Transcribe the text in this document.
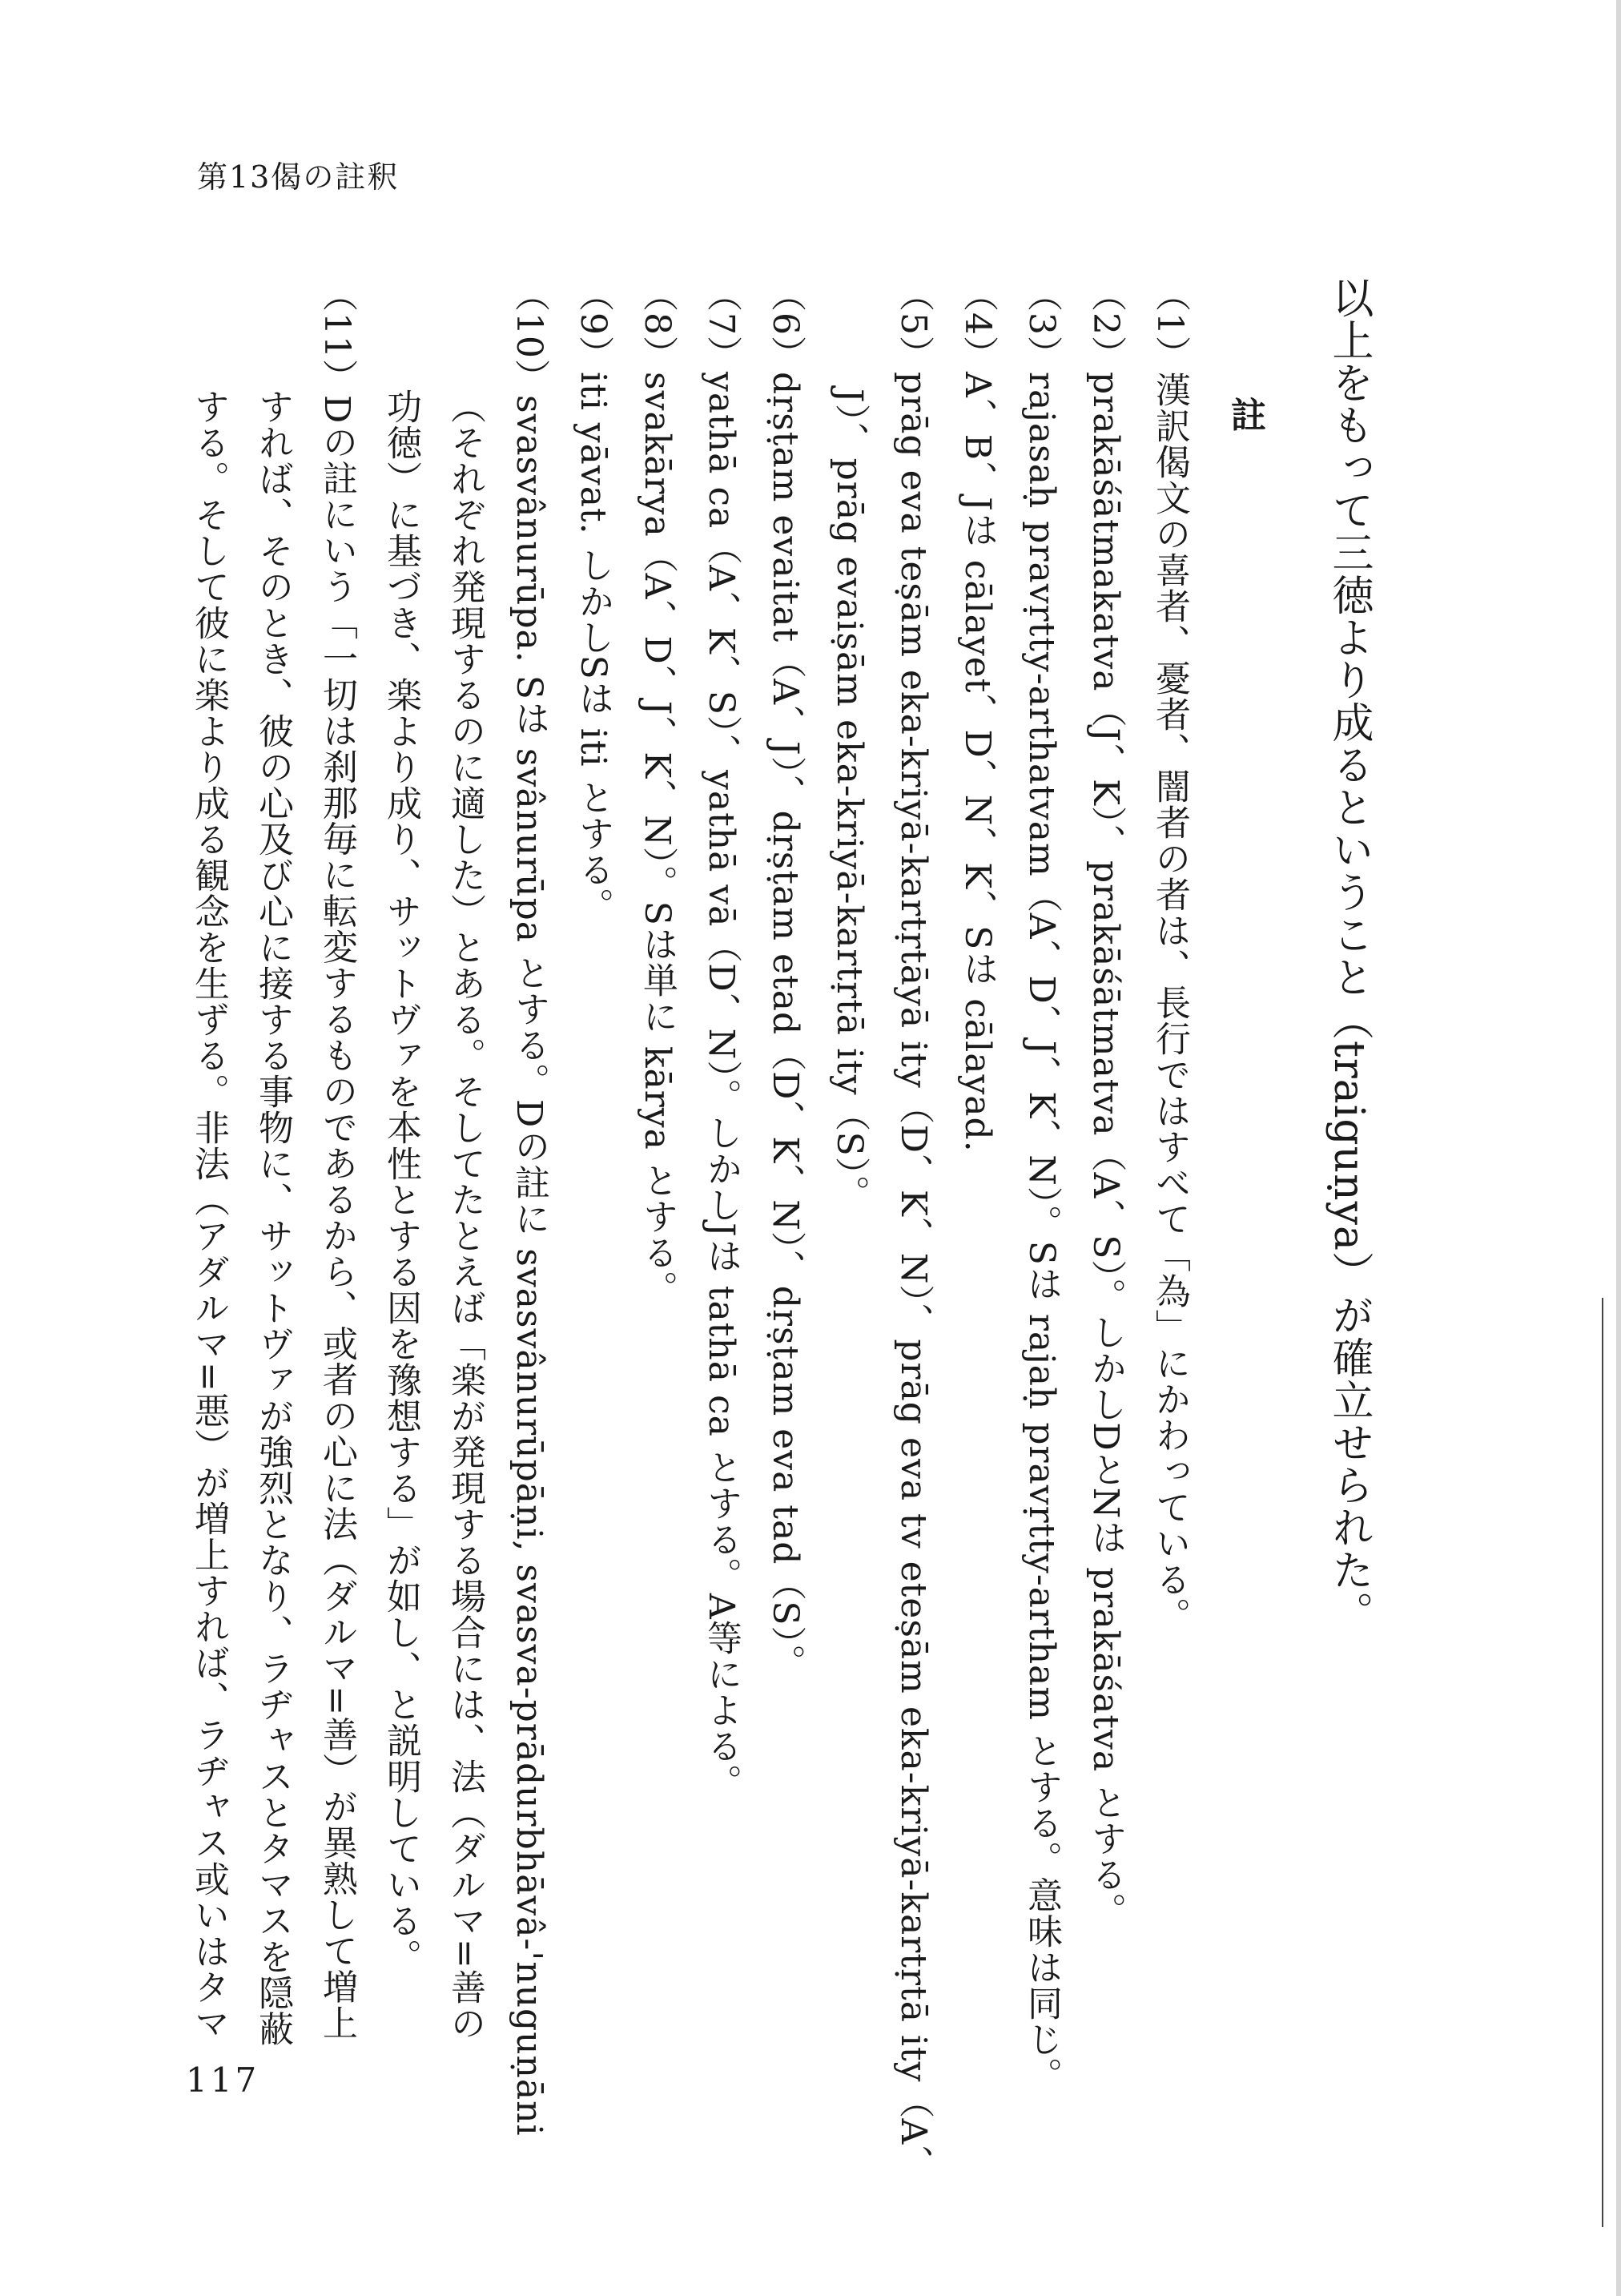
第13偈の註釈
以上をもって三徳より成るということ（traiguṇya）が確立せられた。
註
（1）漢訳偈文の喜者、憂者、闇者の者は、長行ではすべて「為」にかわっている。
（2）prakāśātmakatva（J、K）、prakāśātmatva（A、S）。しかしDとNは prakāśatva とする。
（3）rajasaḥ pravṛtty-arthatvam（A、D、J、K、N）。Sは rajaḥ pravṛtty-artham とする。意味は同じ。
（4）A、B、Jは cālayet、D、N、K、Sは cālayad.
（5）prāg eva teṣām eka-kriyā-kartṛtāyā ity（D、K、N）、prāg eva tv eteṣām eka-kriyā-kartṛtā ity（A、
J）、prāg evaiṣām eka-kriyā-kartṛtā ity（S）。
（6）dṛṣṭam evaitat（A、J）、dṛṣṭam etad（D、K、N）、dṛṣṭam eva tad（S）。
（7）yathā ca（A、K、S）、yathā vā（D、N）。しかしJは tathā ca とする。A等による。
（8）svakārya（A、D、J、K、N）。Sは単に kārya とする。
（9）iti yāvat. しかしSは iti とする。
（10）svasvânurūpa. Sは svânurūpa とする。Dの註に svasvânurūpāṇi, svasva-prādurbhāvâ-'nuguṇāni
（それぞれ発現するのに適した）とある。そしてたとえば「楽が発現する場合には、法（ダルマ=善の
功徳）に基づき、楽より成り、サットヴァを本性とする因を豫想する」が如し、と説明している。
（11）Dの註にいう「一切は刹那毎に転変するものであるから、或者の心に法（ダルマ=善）が異熟して増上
すれば、そのとき、彼の心及び心に接する事物に、サットヴァが強烈となり、ラヂャスとタマスを隠蔽
する。そして彼に楽より成る観念を生ずる。非法（アダルマ=悪）が増上すれば、ラヂャス或いはタマ
117
